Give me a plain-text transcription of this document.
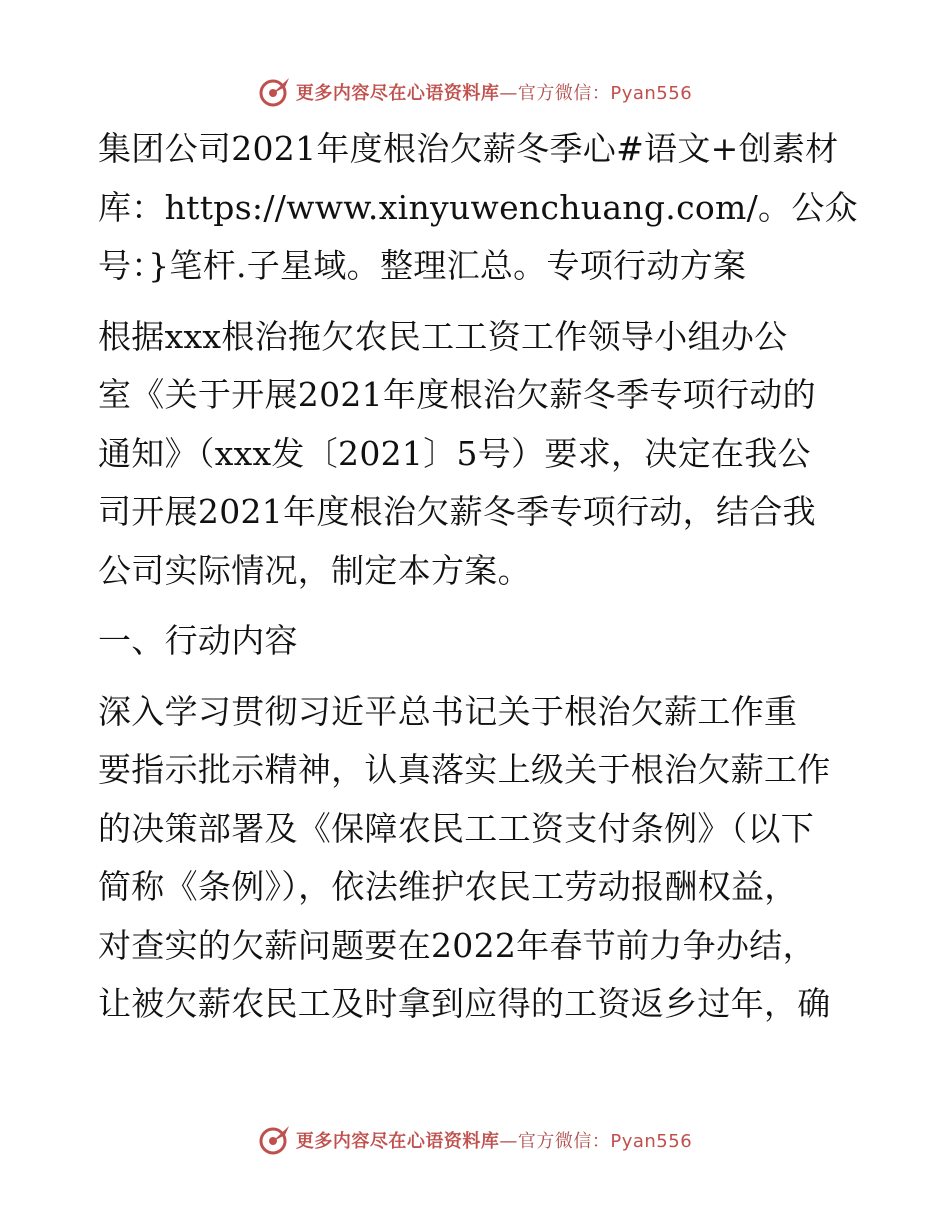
更多内容尽在心语资料库—官方微信：Pyan556
集团公司2021年度根治欠薪冬季心#语文+创素材
库：https://www.xinyuwenchuang.com/。公众
号：}笔杆.子星域。整理汇总。专项行动方案
根据xxx根治拖欠农民工工资工作领导小组办公
室《关于开展2021年度根治欠薪冬季专项行动的
通知》（xxx发〔2021〕5号）要求，决定在我公
司开展2021年度根治欠薪冬季专项行动，结合我
公司实际情况，制定本方案。
一、行动内容
深入学习贯彻习近平总书记关于根治欠薪工作重
要指示批示精神，认真落实上级关于根治欠薪工作
的决策部署及《保障农民工工资支付条例》（以下
简称《条例》），依法维护农民工劳动报酬权益，
对查实的欠薪问题要在2022年春节前力争办结，
让被欠薪农民工及时拿到应得的工资返乡过年，确
更多内容尽在心语资料库—官方微信：Pyan556
